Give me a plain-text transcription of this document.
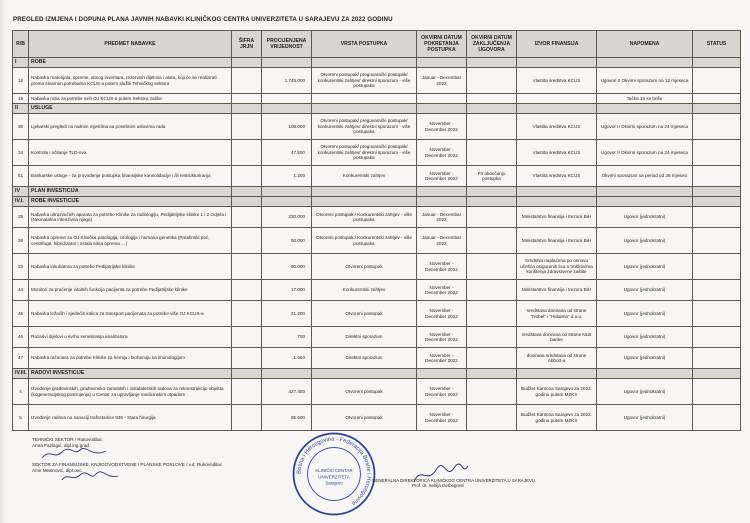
PREGLED IZMJENA I DOPUNA PLANA JAVNIH NABAVKI KLINIČKOG CENTRA UNIVERZITETA U SARAJEVU ZA 2022 GODINU
R/B	PREDMET NABAVKE	ŠIFRA JRJN	PROCIJENJENA VRIJEDNOST	VRSTA POSTUPKA	OKVIRNI DATUM POKRETANJA POSTUPKA	OKVIRNI DATUM ZAKLJUČENJA UGOVORA	IZVOR FINANSIJA	NAPOMENA	STATUS
I	ROBE								
16	Nabavka materijala, opreme, sitnog inventara, rezervnih dijelova i alata, koji će se realizirati prema stvarnim potrebama KCUS-a putem službi Tehničkog sektora		1.745.000	Otvoreni postupak/ pregovarački postupak/ konkurentski zahtjev/ direktni sporazum - više postupaka	Januar - Decembar 2022		Vlastita sredstva KCUS	Ugovori II Okvirni sporazum na 12 mjeseca	
18	Nabavka roba za potrebe svih OJ KCUS-a putem Sektora zaliha							Tačka 16 se briše	
II	USLUGE								
30	Ljekarski pregledi na radnim mjestima sa posebnim uslovima rada		108.000	Otvoreni postupak/ pregovarački postupak/ konkurentski zahtjev/ direktni sporazum - više postupaka	November - December 2022		Vlastita sredstva KCUS	Ugovor II Okvirni sporazum na 24 mjeseca	
34	Kontrola i očitanje TLD-ova		47.500	Otvoreni postupak/ pregovarački postupak/ konkurentski zahtjev/ direktni sporazum - više postupaka	November - December 2022		Vlastita sredstva KCUS	Ugovor II Okvirni sporazum na 24 mjeseca	
51	Bankarske usluge - za provođenje postupka finansijske konsolidacije i /ili restrukturiranja		1.200	Konkurentski zahtjev	November - December 2022	Po okončanju postupka	Vlastita sredstva KCUS	Okvirni sporazum na period od 36 mjeseci	
IV	PLAN INVESTICIJA								
IV.I.	ROBE INVESTICIJE								
25	Nabavka ultrazvučnih aparata za potrebe Klinike za radiologiju, Pedijatrijske klinike 1 i 2 Odjela i (Neonatalna intenzivna njega)		230.000	Otvoreni postupak / Konkurentski zahtjev - više postupaka	Januar - Decembar 2022		Ministarstvo finansija i trezora BiH	Ugovor (jednokratni)	
26	Nabavka opreme za OJ Klinička patologija, citologija i humana genetika (Parafinski peć, centrifuge, hibridizator i ostala sitna oprema …)		50.000	Otvoreni postupak / Konkurentski zahtjev - više postupaka	Januar - Decembar 2022		Ministarstvo finansija i trezora BiH	Ugovor (jednokratni)	
33	Nabavka inkubatora za potrebe Pedijatrijske klinike		90.000	Otvoreni postupak	November - December 2022		Sredstva naplaćena po osnovu učešća osiguranih lica u troškovima korištenja zdravstvene zaštite	Ugovor (jednokratni)	
44	Monitori za praćenje vitalnih funkcija pacijenta za potrebe Pedijatrijske klinike		17.000	Konkurentski zahtjev	November - December 2022		Ministarstvo finansija i trezora BiH	Ugovor (jednokratni)	
45	Nabavka ležaćih i sjedećih kolica za transport pacijenata za potrebe više OJ KCUS-a		21.200	Otvoreni postupak	November - December 2022		sredstava donirana od strane "Nobel" i "Hidalma" d.o.o.	Ugovor (jednokratni)	
46	Razarivi dijelovi u svrhu servisiranja analizatora		700	Direktni sporazum	November - December 2022		sredstava donirana od strane NLB banke	Ugovor (jednokratni)	
47	Nabavka računara za potrebe Klinike za hemiju i biohemiju sa imunologijom		1.650	Direktni sporazum	November - December 2022		donirana sredstava od strane Abbott-a	Ugovor (jednokratni)	
IV.III.	RADOVI INVESTICIJE								
4	Izvođenje građevinskih, građevinsko-zanatskih i instalaterskih radova za rekonstrukciju objekta (kogeneracijskog postrojenja) u Centar za upravljanje medicinskim otpadom		427.400	Otvoreni postupak	November - December 2022		Budžet Kantona Sarajevo za 2022. godinu putem MZKS	Ugovor (jednokratni)	
5	Izvođenje radova na sanaciji trafostanice 935 - Stara hirurgija		85.500	Otvoreni postupak	November - December 2022		Budžet Kantona Sarajevo za 2022. godinu putem MZKS	Ugovor (jednokratni)	
TEHNIČKI SEKTOR / Rukovodilac
Amra Fazlagić, dipl.ing.građ.
SEKTOR ZA FINANSIJSKE, KNJIGOVODSTVENE I PLANSKE POSLOVE / v.d. Rukovodilac
Amir Mesinović, dipl.oec.	Bosna i Hercegovina - Federacija Bosne i Hercegovine
KLINIČKI CENTAR
UNIVERZITETA
Sarajevo
GENERALNA DIREKTORICA KLINIČKOG CENTRA UNIVERZITETA U SARAJEVU
Prof. dr. Sebija Izetbegović
